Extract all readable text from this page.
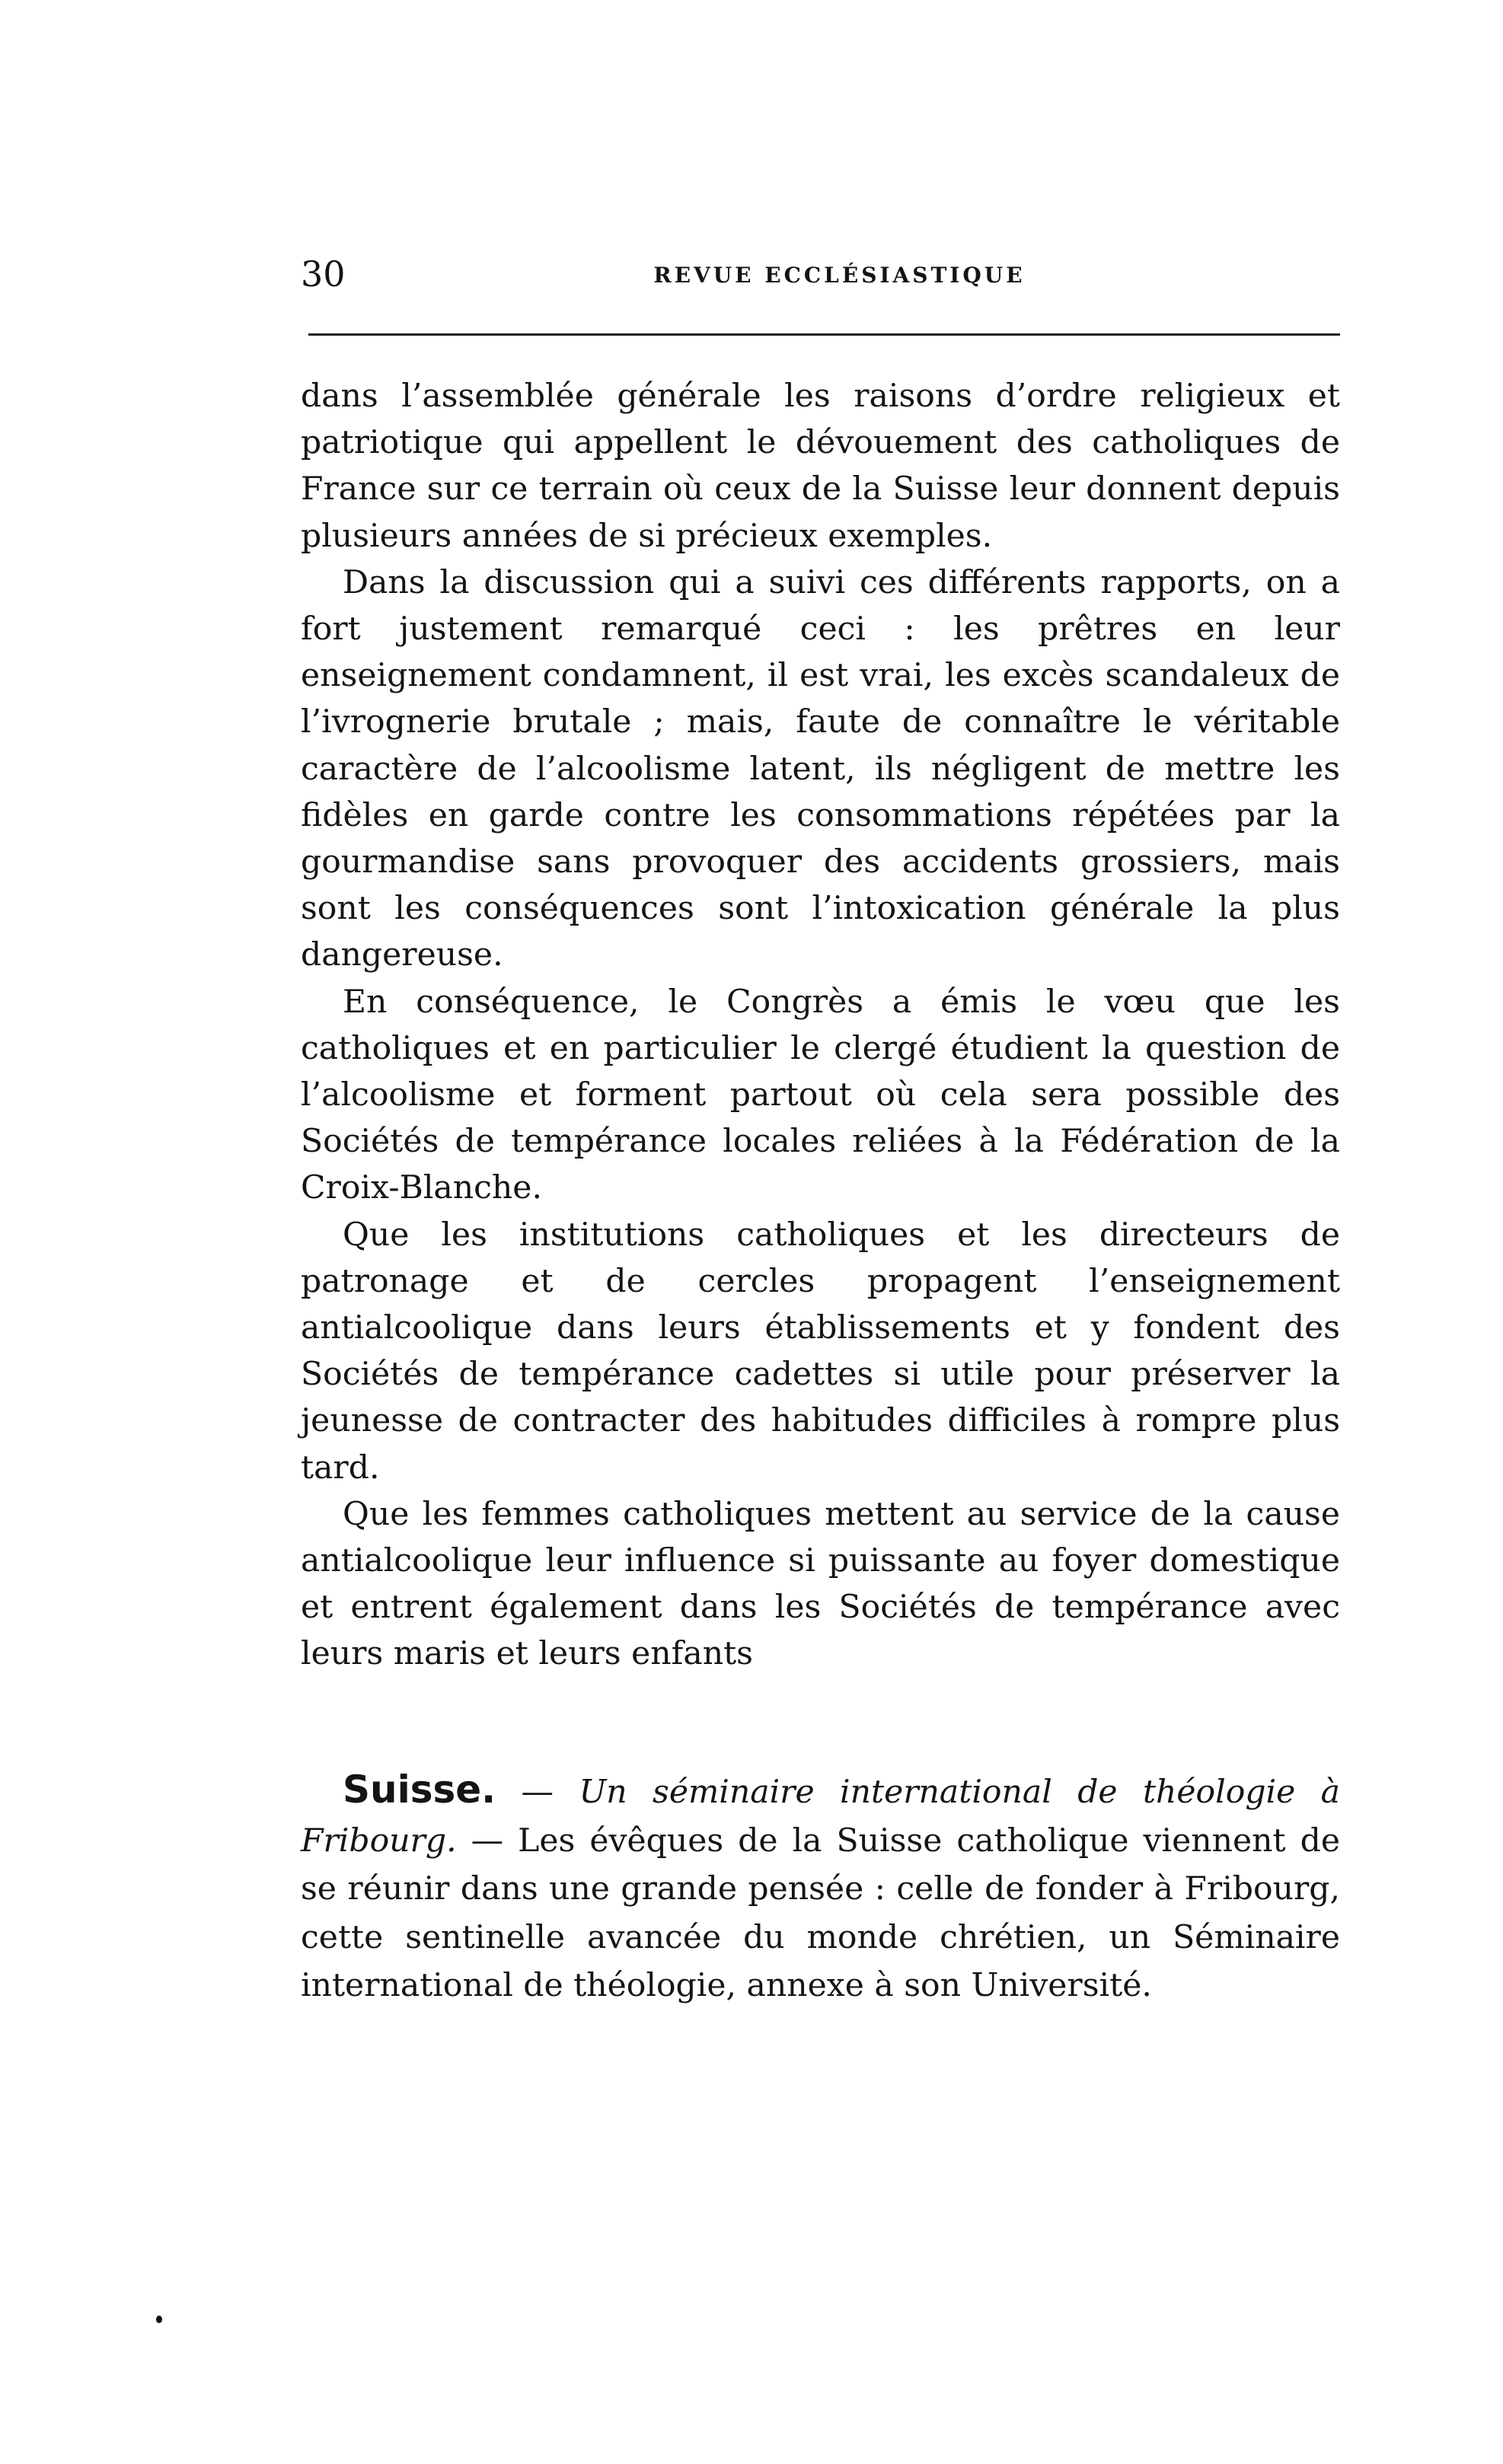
30	REVUE ECCLÉSIASTIQUE

dans l’assemblée générale les raisons d’ordre religieux et patriotique qui appellent le dévouement des catholiques de France sur ce terrain où ceux de la Suisse leur donnent depuis plusieurs années de si précieux exemples.

Dans la discussion qui a suivi ces différents rapports, on a fort justement remarqué ceci : les prêtres en leur enseignement condamnent, il est vrai, les excès scandaleux de l’ivrognerie brutale ; mais, faute de connaître le véritable caractère de l’alcoolisme latent, ils négligent de mettre les fidèles en garde contre les consommations répétées par la gourmandise sans provoquer des accidents grossiers, mais sont les conséquences sont l’intoxication générale la plus dangereuse.

En conséquence, le Congrès a émis le vœu que les catholiques et en particulier le clergé étudient la question de l’alcoolisme et forment partout où cela sera possible des Sociétés de tempérance locales reliées à la Fédération de la Croix-Blanche.

Que les institutions catholiques et les directeurs de patronage et de cercles propagent l’enseignement antialcoolique dans leurs établissements et y fondent des Sociétés de tempérance cadettes si utile pour préserver la jeunesse de contracter des habitudes difficiles à rompre plus tard.

Que les femmes catholiques mettent au service de la cause antialcoolique leur influence si puissante au foyer domestique et entrent également dans les Sociétés de tempérance avec leurs maris et leurs enfants

Suisse. — Un séminaire international de théologie à Fribourg. — Les évêques de la Suisse catholique viennent de se réunir dans une grande pensée : celle de fonder à Fribourg, cette sentinelle avancée du monde chrétien, un Séminaire international de théologie, annexe à son Université.
